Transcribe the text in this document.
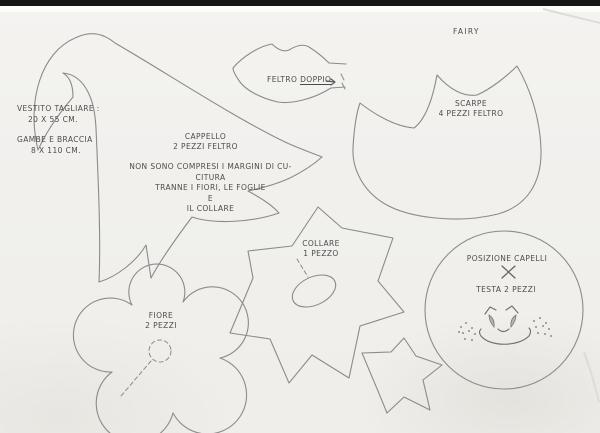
FAIRY
VESTITO TAGLIARE :
20 X 55 CM.
GAMBE E BRACCIA
8 X 110 CM.
CAPPELLO
2 PEZZI FELTRO
NON SONO COMPRESI I MARGINI DI CU-
CITURA
TRANNE I FIORI, LE FOGLIE
E
IL COLLARE
FELTRO DOPPIO
SCARPE
4 PEZZI FELTRO
COLLARE
1 PEZZO
FIORE
2 PEZZI
POSIZIONE CAPELLI
TESTA 2 PEZZI
